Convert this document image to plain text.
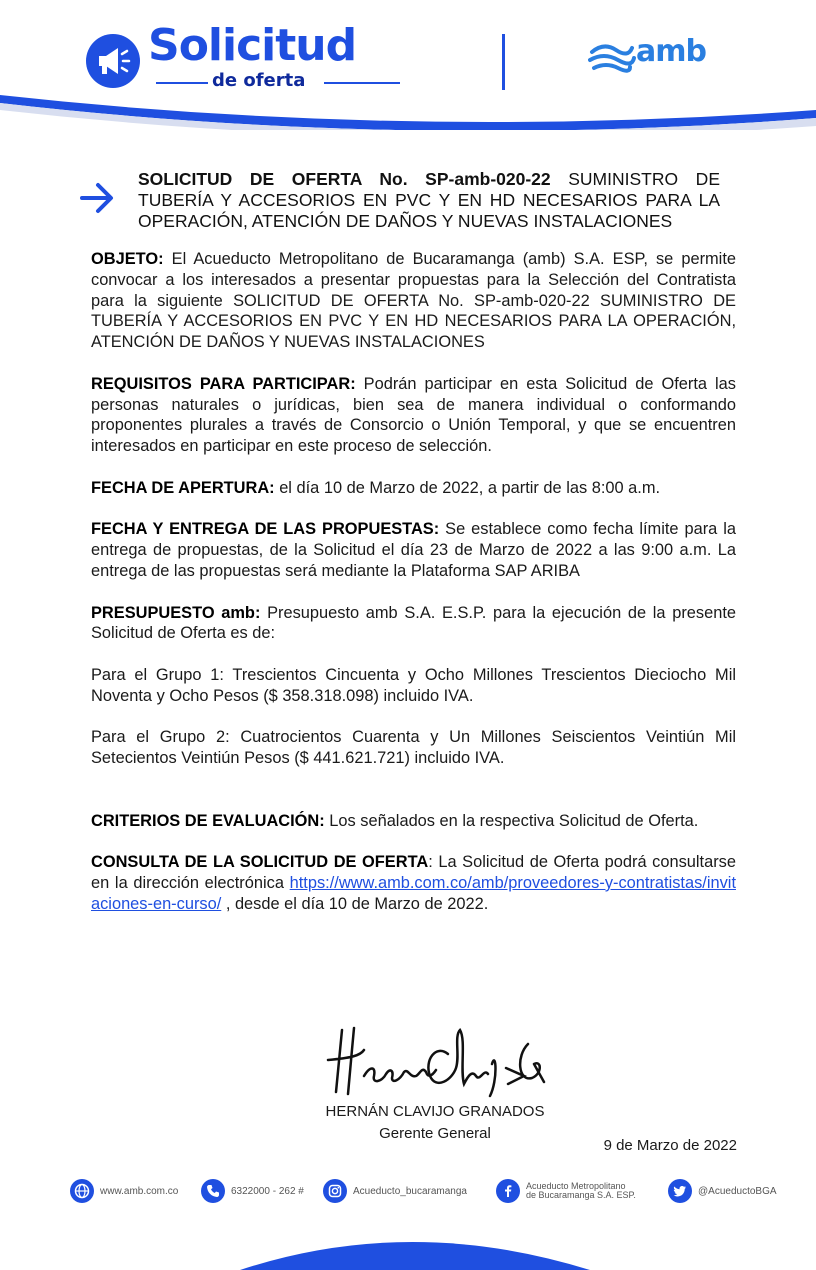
Solicitud
de oferta
amb
SOLICITUD DE OFERTA No. SP-amb-020-22 SUMINISTRO DE TUBERÍA Y ACCESORIOS EN PVC Y EN HD NECESARIOS PARA LA OPERACIÓN, ATENCIÓN DE DAÑOS Y NUEVAS INSTALACIONES

OBJETO: El Acueducto Metropolitano de Bucaramanga (amb) S.A. ESP, se permite convocar a los interesados a presentar propuestas para la Selección del Contratista para la siguiente SOLICITUD DE OFERTA No. SP-amb-020-22 SUMINISTRO DE TUBERÍA Y ACCESORIOS EN PVC Y EN HD NECESARIOS PARA LA OPERACIÓN, ATENCIÓN DE DAÑOS Y NUEVAS INSTALACIONES

REQUISITOS PARA PARTICIPAR: Podrán participar en esta Solicitud de Oferta las personas naturales o jurídicas, bien sea de manera individual o conformando proponentes plurales a través de Consorcio o Unión Temporal, y que se encuentren interesados en participar en este proceso de selección.

FECHA DE APERTURA: el día 10 de Marzo de 2022, a partir de las 8:00 a.m.

FECHA Y ENTREGA DE LAS PROPUESTAS: Se establece como fecha límite para la entrega de propuestas, de la Solicitud el día 23 de Marzo de 2022 a las 9:00 a.m. La entrega de las propuestas será mediante la Plataforma SAP ARIBA

PRESUPUESTO amb: Presupuesto amb S.A. E.S.P. para la ejecución de la presente Solicitud de Oferta es de:

Para el Grupo 1: Trescientos Cincuenta y Ocho Millones Trescientos Dieciocho Mil Noventa y Ocho Pesos ($ 358.318.098) incluido IVA.

Para el Grupo 2: Cuatrocientos Cuarenta y Un Millones Seiscientos Veintiún Mil Setecientos Veintiún Pesos ($ 441.621.721) incluido IVA.

CRITERIOS DE EVALUACIÓN: Los señalados en la respectiva Solicitud de Oferta.

CONSULTA DE LA SOLICITUD DE OFERTA: La Solicitud de Oferta podrá consultarse en la dirección electrónica https://www.amb.com.co/amb/proveedores-y-contratistas/invitaciones-en-curso/ , desde el día 10 de Marzo de 2022.

HERNÁN CLAVIJO GRANADOS
Gerente General
9 de Marzo de 2022
www.amb.com.co	6322000 - 262 #	Acueducto_bucaramanga	Acueducto Metropolitano
de Bucaramanga S.A. ESP.	@AcueductoBGA
